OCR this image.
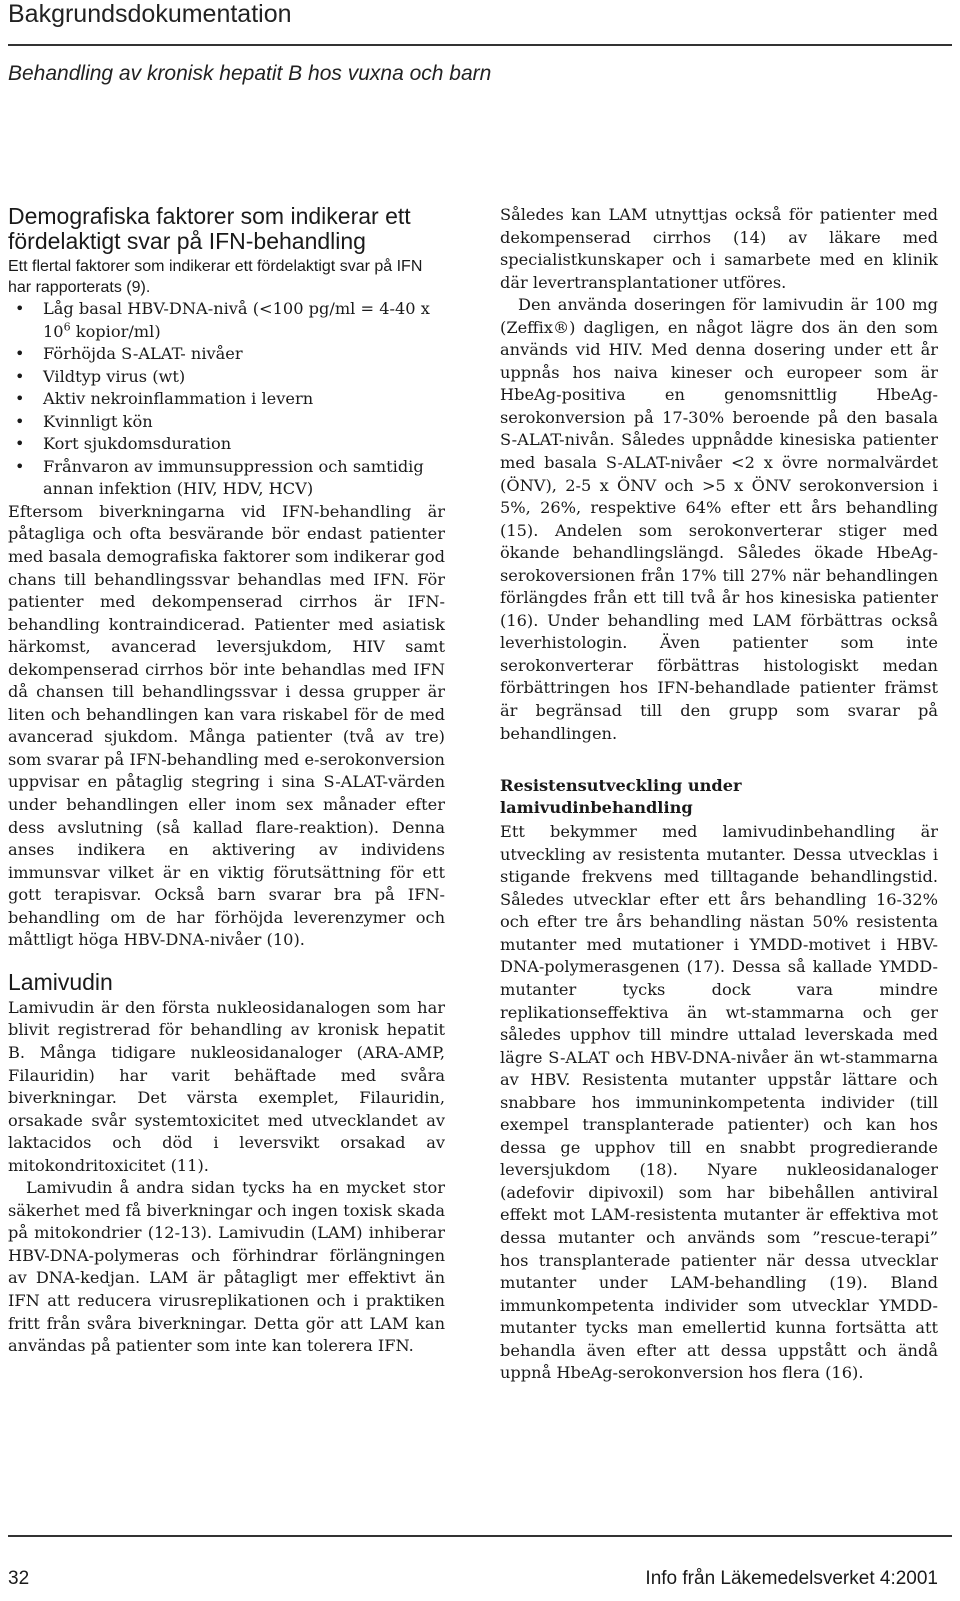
Bakgrundsdokumentation
Behandling av kronisk hepatit B hos vuxna och barn
Demografiska faktorer som indikerar ett fördelaktigt svar på IFN-behandling

Ett flertal faktorer som indikerar ett fördelaktigt svar på IFN har rapporterats (9).

• Låg basal HBV-DNA-nivå (<100 pg/ml = 4-40 x $10^6$ kopior/ml)
• Förhöjda S-ALAT- nivåer
• Vildtyp virus (wt)
• Aktiv nekroinflammation i levern
• Kvinnligt kön
• Kort sjukdomsduration
• Frånvaron av immunsuppression och samtidig annan infektion (HIV, HDV, HCV)

Eftersom biverkningarna vid IFN-behandling är påtagliga och ofta besvärande bör endast patienter med basala demografiska faktorer som indikerar god chans till behandlingssvar behandlas med IFN. För patienter med dekompenserad cirrhos är IFN-behandling kontraindicerad. Patienter med asiatisk härkomst, avancerad leversjukdom, HIV samt dekompenserad cirrhos bör inte behandlas med IFN då chansen till behandlingssvar i dessa grupper är liten och behandlingen kan vara riskabel för de med avancerad sjukdom. Många patienter (två av tre) som svarar på IFN-behandling med e-serokonversion uppvisar en påtaglig stegring i sina S-ALAT-värden under behandlingen eller inom sex månader efter dess avslutning (så kallad flare-reaktion). Denna anses indikera en aktivering av individens immunsvar vilket är en viktig förutsättning för ett gott terapisvar. Också barn svarar bra på IFN-behandling om de har förhöjda leverenzymer och måttligt höga HBV-DNA-nivåer (10).

Lamivudin

Lamivudin är den första nukleosidanalogen som har blivit registrerad för behandling av kronisk hepatit B. Många tidigare nukleosidanaloger (ARA-AMP, Filauridin) har varit behäftade med svåra biverkningar. Det värsta exemplet, Filauridin, orsakade svår systemtoxicitet med utvecklandet av laktacidos och död i leversvikt orsakad av mitokondritoxicitet (11).

Lamivudin å andra sidan tycks ha en mycket stor säkerhet med få biverkningar och ingen toxisk skada på mitokondrier (12-13). Lamivudin (LAM) inhiberar HBV-DNA-polymeras och förhindrar förlängningen av DNA-kedjan. LAM är påtagligt mer effektivt än IFN att reducera virusreplikationen och i praktiken fritt från svåra biverkningar. Detta gör att LAM kan användas på patienter som inte kan tolerera IFN.

Således kan LAM utnyttjas också för patienter med dekompenserad cirrhos (14) av läkare med specialistkunskaper och i samarbete med en klinik där levertransplantationer utföres.

Den använda doseringen för lamivudin är 100 mg (Zeffix®) dagligen, en något lägre dos än den som används vid HIV. Med denna dosering under ett år uppnås hos naiva kineser och europeer som är HbeAg-positiva en genomsnittlig HbeAg-serokonversion på 17-30% beroende på den basala S-ALAT-nivån. Således uppnådde kinesiska patienter med basala S-ALAT-nivåer <2 x övre normalvärdet (ÖNV), 2-5 x ÖNV och >5 x ÖNV serokonversion i 5%, 26%, respektive 64% efter ett års behandling (15). Andelen som serokonverterar stiger med ökande behandlingslängd. Således ökade HbeAg-serokoversionen från 17% till 27% när behandlingen förlängdes från ett till två år hos kinesiska patienter (16). Under behandling med LAM förbättras också leverhistologin. Även patienter som inte serokonverterar förbättras histologiskt medan förbättringen hos IFN-behandlade patienter främst är begränsad till den grupp som svarar på behandlingen.

Resistensutveckling under lamivudinbehandling

Ett bekymmer med lamivudinbehandling är utveckling av resistenta mutanter. Dessa utvecklas i stigande frekvens med tilltagande behandlingstid. Således utvecklar efter ett års behandling 16-32% och efter tre års behandling nästan 50% resistenta mutanter med mutationer i YMDD-motivet i HBV-DNA-polymerasgenen (17). Dessa så kallade YMDD-mutanter tycks dock vara mindre replikationseffektiva än wt-stammarna och ger således upphov till mindre uttalad leverskada med lägre S-ALAT och HBV-DNA-nivåer än wt-stammarna av HBV. Resistenta mutanter uppstår lättare och snabbare hos immuninkompetenta individer (till exempel transplanterade patienter) och kan hos dessa ge upphov till en snabbt progredierande leversjukdom (18). Nyare nukleosidanaloger (adefovir dipivoxil) som har bibehållen antiviral effekt mot LAM-resistenta mutanter är effektiva mot dessa mutanter och används som ”rescue-terapi” hos transplanterade patienter när dessa utvecklar mutanter under LAM-behandling (19). Bland immunkompetenta individer som utvecklar YMDD-mutanter tycks man emellertid kunna fortsätta att behandla även efter att dessa uppstått och ändå uppnå HbeAg-serokonversion hos flera (16).

32	Info från Läkemedelsverket 4:2001
